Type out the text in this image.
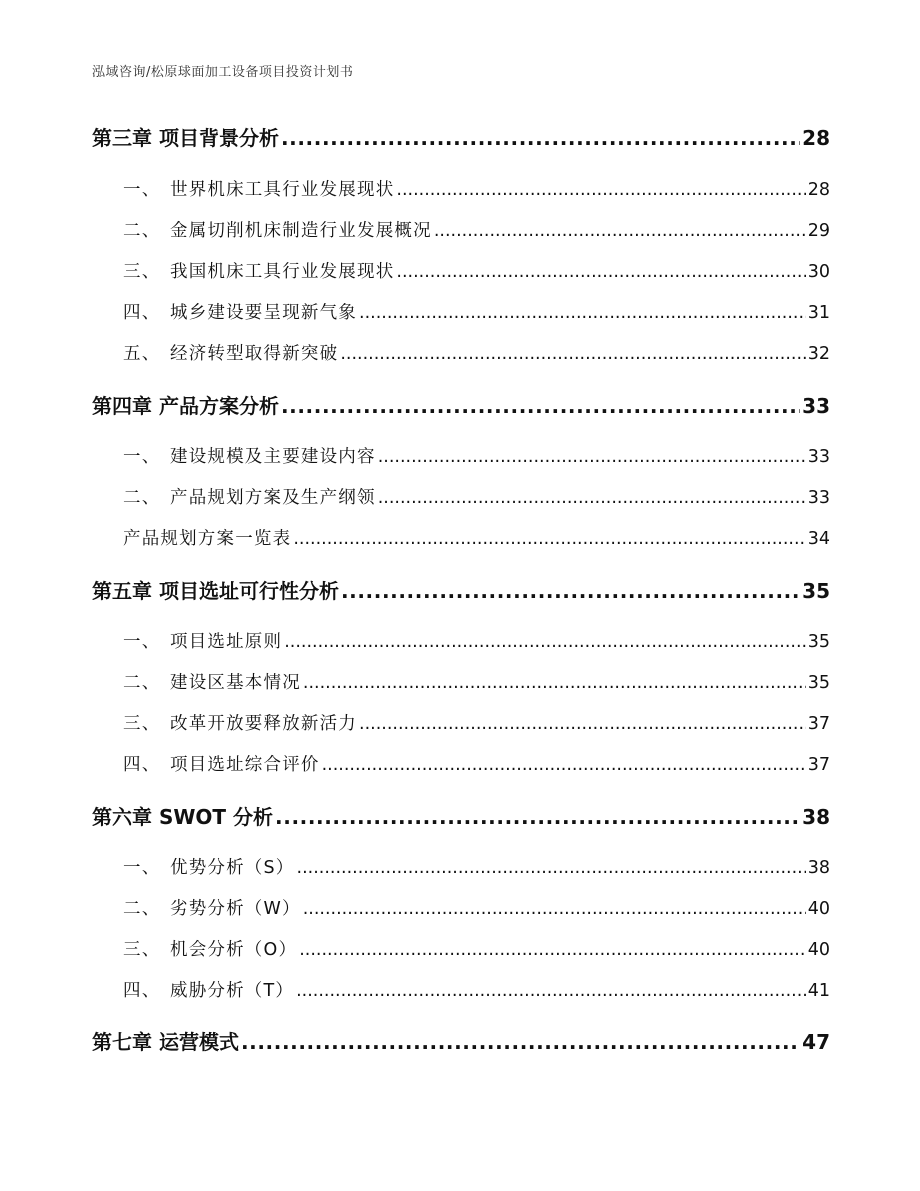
泓域咨询/松原球面加工设备项目投资计划书
第三章 项目背景分析 .....	28
一、 世界机床工具行业发展现状 .....	28
二、 金属切削机床制造行业发展概况 .....	29
三、 我国机床工具行业发展现状 .....	30
四、 城乡建设要呈现新气象 .....	31
五、 经济转型取得新突破 .....	32
第四章 产品方案分析 .....	33
一、 建设规模及主要建设内容 .....	33
二、 产品规划方案及生产纲领 .....	33
产品规划方案一览表 .....	34
第五章 项目选址可行性分析 .....	35
一、 项目选址原则 .....	35
二、 建设区基本情况 .....	35
三、 改革开放要释放新活力 .....	37
四、 项目选址综合评价 .....	37
第六章 SWOT 分析 .....	38
一、 优势分析（S） .....	38
二、 劣势分析（W） .....	40
三、 机会分析（O） .....	40
四、 威胁分析（T） .....	41
第七章 运营模式 .....	47
